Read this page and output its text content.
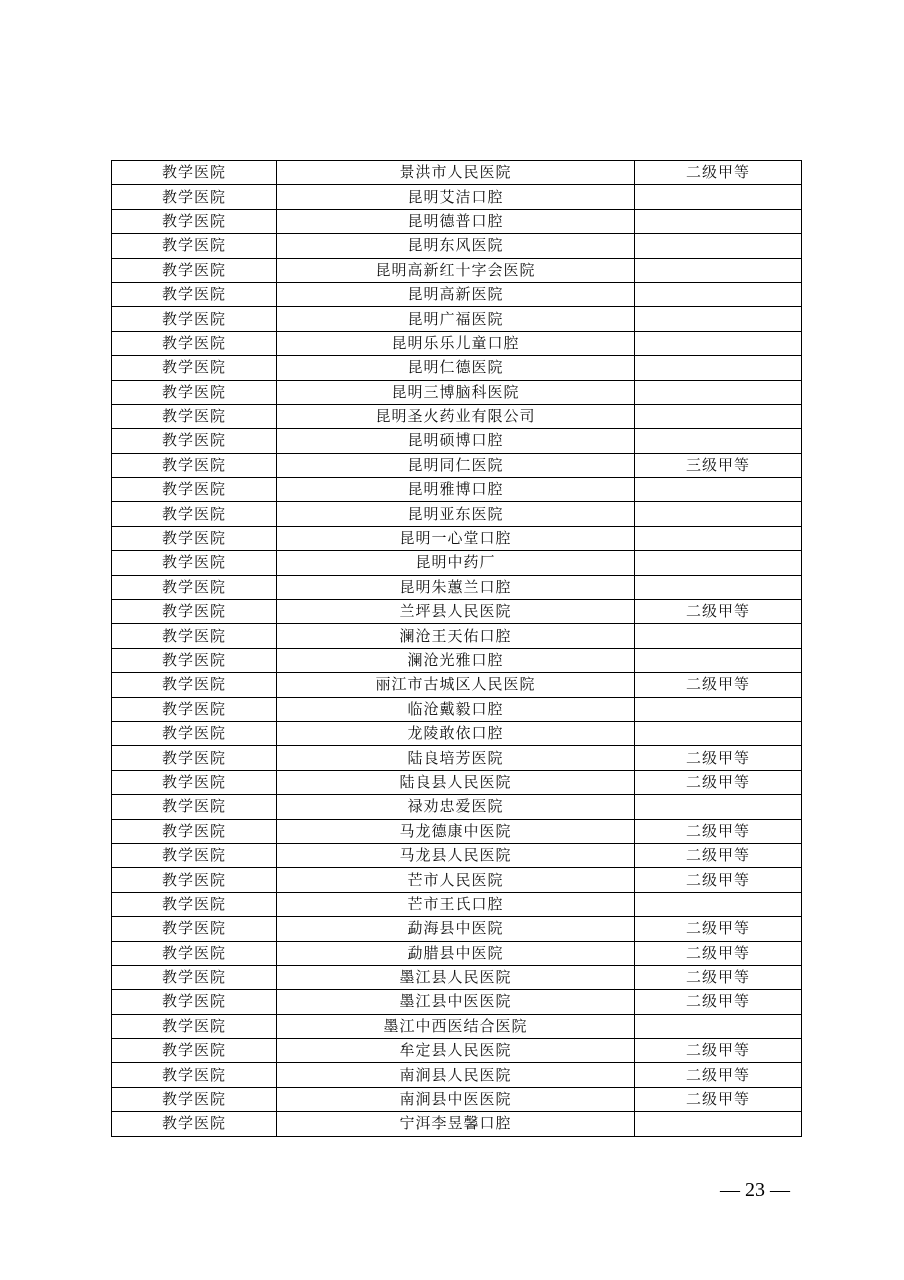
教学医院	景洪市人民医院	二级甲等
教学医院	昆明艾洁口腔	
教学医院	昆明德普口腔	
教学医院	昆明东风医院	
教学医院	昆明高新红十字会医院	
教学医院	昆明高新医院	
教学医院	昆明广福医院	
教学医院	昆明乐乐儿童口腔	
教学医院	昆明仁德医院	
教学医院	昆明三博脑科医院	
教学医院	昆明圣火药业有限公司	
教学医院	昆明硕博口腔	
教学医院	昆明同仁医院	三级甲等
教学医院	昆明雅博口腔	
教学医院	昆明亚东医院	
教学医院	昆明一心堂口腔	
教学医院	昆明中药厂	
教学医院	昆明朱蕙兰口腔	
教学医院	兰坪县人民医院	二级甲等
教学医院	澜沧王天佑口腔	
教学医院	澜沧光雅口腔	
教学医院	丽江市古城区人民医院	二级甲等
教学医院	临沧戴毅口腔	
教学医院	龙陵敢依口腔	
教学医院	陆良培芳医院	二级甲等
教学医院	陆良县人民医院	二级甲等
教学医院	禄劝忠爱医院	
教学医院	马龙德康中医院	二级甲等
教学医院	马龙县人民医院	二级甲等
教学医院	芒市人民医院	二级甲等
教学医院	芒市王氏口腔	
教学医院	勐海县中医院	二级甲等
教学医院	勐腊县中医院	二级甲等
教学医院	墨江县人民医院	二级甲等
教学医院	墨江县中医医院	二级甲等
教学医院	墨江中西医结合医院	
教学医院	牟定县人民医院	二级甲等
教学医院	南涧县人民医院	二级甲等
教学医院	南涧县中医医院	二级甲等
教学医院	宁洱李昱馨口腔	
— 23 —
